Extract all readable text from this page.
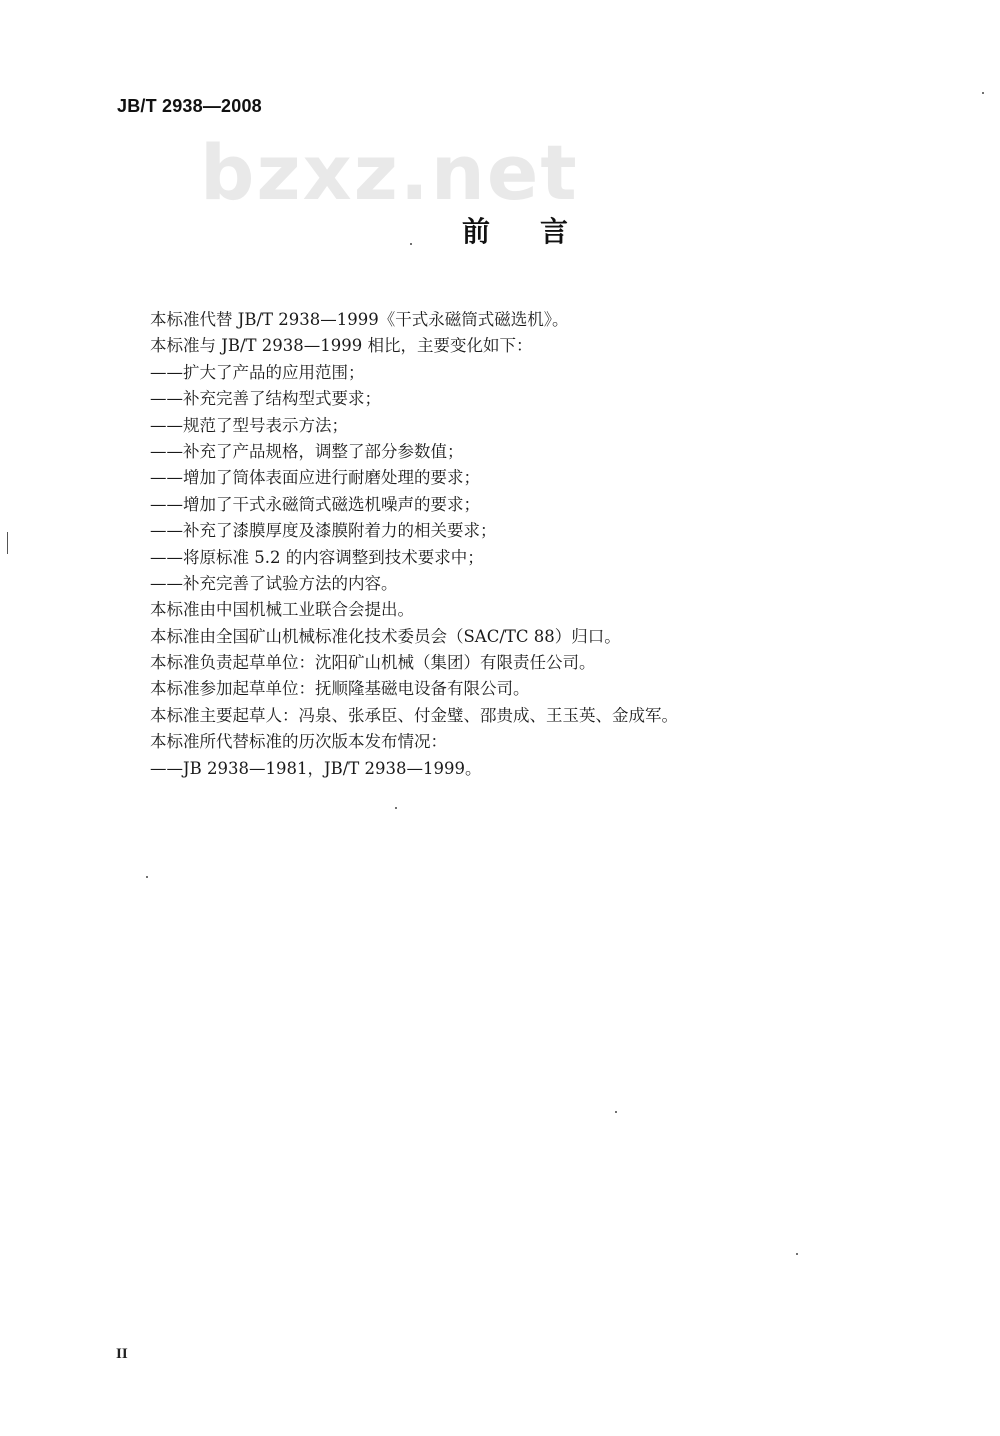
JB/T 2938—2008
bzxz.net
前言
本标准代替 JB/T 2938—1999《干式永磁筒式磁选机》。
本标准与 JB/T 2938—1999 相比，主要变化如下：
——扩大了产品的应用范围；
——补充完善了结构型式要求；
——规范了型号表示方法；
——补充了产品规格，调整了部分参数值；
——增加了筒体表面应进行耐磨处理的要求；
——增加了干式永磁筒式磁选机噪声的要求；
——补充了漆膜厚度及漆膜附着力的相关要求；
——将原标准 5.2 的内容调整到技术要求中；
——补充完善了试验方法的内容。
本标准由中国机械工业联合会提出。
本标准由全国矿山机械标准化技术委员会（SAC/TC 88）归口。
本标准负责起草单位：沈阳矿山机械（集团）有限责任公司。
本标准参加起草单位：抚顺隆基磁电设备有限公司。
本标准主要起草人：冯泉、张承臣、付金璧、邵贵成、王玉英、金成军。
本标准所代替标准的历次版本发布情况：
——JB 2938—1981，JB/T 2938—1999。
II
